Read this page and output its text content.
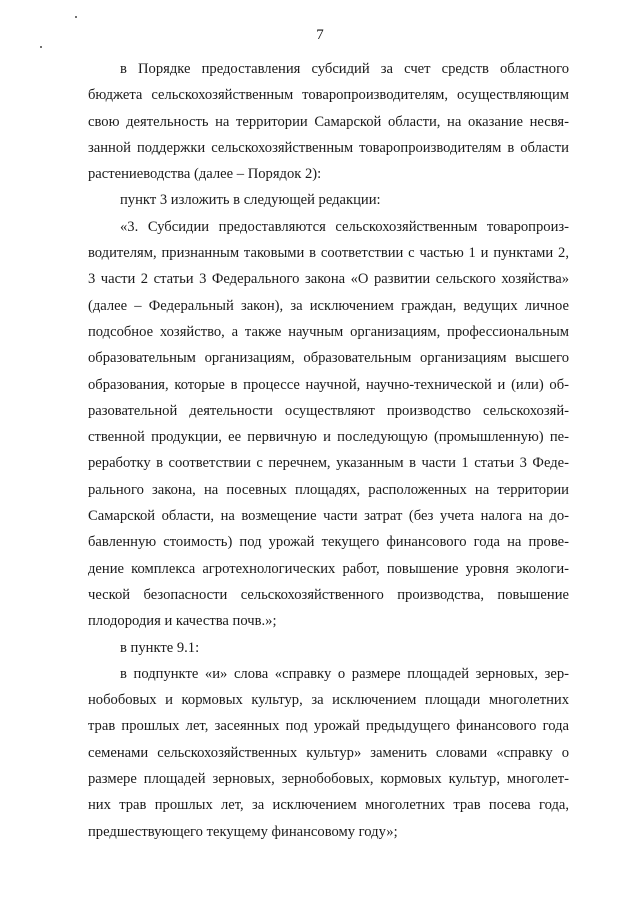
7
в Порядке предоставления субсидий за счет средств областного
бюджета сельскохозяйственным товаропроизводителям, осуществляющим
свою деятельность на территории Самарской области, на оказание несвя-
занной поддержки сельскохозяйственным товаропроизводителям в области
растениеводства (далее – Порядок 2):
пункт 3 изложить в следующей редакции:
«3. Субсидии предоставляются сельскохозяйственным товаропроиз-
водителям, признанным таковыми в соответствии с частью 1 и пунктами 2,
3 части 2 статьи 3 Федерального закона «О развитии сельского хозяйства»
(далее – Федеральный закон), за исключением граждан, ведущих личное
подсобное хозяйство, а также научным организациям, профессиональным
образовательным организациям, образовательным организациям высшего
образования, которые в процессе научной, научно-технической и (или) об-
разовательной деятельности осуществляют производство сельскохозяй-
ственной продукции, ее первичную и последующую (промышленную) пе-
реработку в соответствии с перечнем, указанным в части 1 статьи 3 Феде-
рального закона, на посевных площадях, расположенных на территории
Самарской области, на возмещение части затрат (без учета налога на до-
бавленную стоимость) под урожай текущего финансового года на прове-
дение комплекса агротехнологических работ, повышение уровня экологи-
ческой безопасности сельскохозяйственного производства, повышение
плодородия и качества почв.»;
в пункте 9.1:
в подпункте «и» слова «справку о размере площадей зерновых, зер-
нобобовых и кормовых культур, за исключением площади многолетних
трав прошлых лет, засеянных под урожай предыдущего финансового года
семенами сельскохозяйственных культур» заменить словами «справку о
размере площадей зерновых, зернобобовых, кормовых культур, многолет-
них трав прошлых лет, за исключением многолетних трав посева года,
предшествующего текущему финансовому году»;
